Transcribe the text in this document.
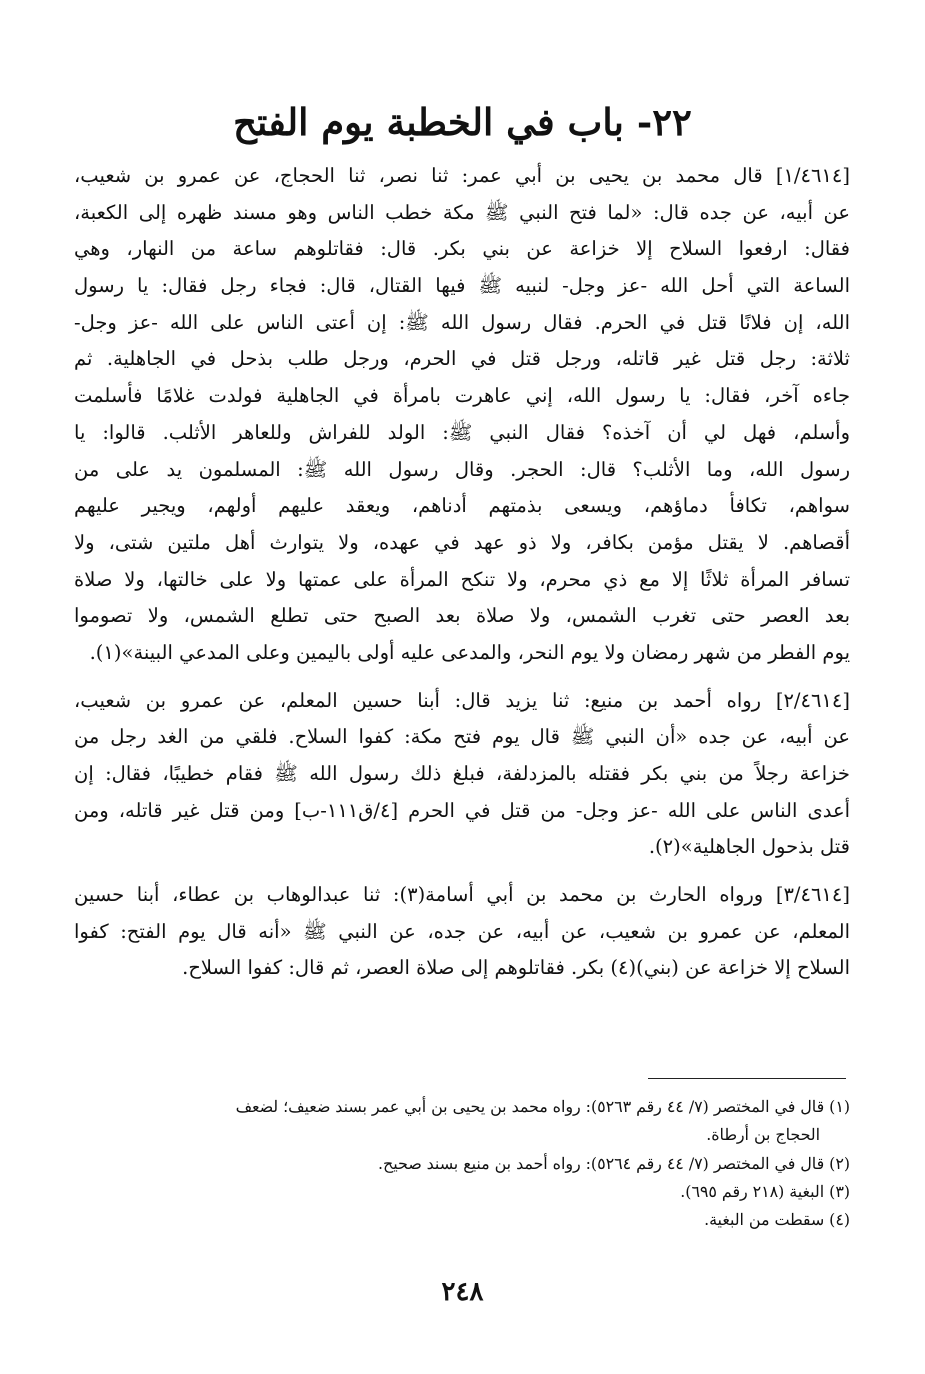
٢٢- باب في الخطبة يوم الفتح
[١/٤٦١٤] قال محمد بن يحيى بن أبي عمر: ثنا نصر، ثنا الحجاج، عن عمرو بن شعيب،
عن أبيه، عن جده قال: «لما فتح النبي ﷺ مكة خطب الناس وهو مسند ظهره إلى الكعبة،
فقال: ارفعوا السلاح إلا خزاعة عن بني بكر. قال: فقاتلوهم ساعة من النهار، وهي
الساعة التي أحل الله -عز وجل- لنبيه ﷺ فيها القتال، قال: فجاء رجل فقال: يا رسول
الله، إن فلانًا قتل في الحرم. فقال رسول الله ﷺ: إن أعتى الناس على الله -عز وجل-
ثلاثة: رجل قتل غير قاتله، ورجل قتل في الحرم، ورجل طلب بذحل في الجاهلية. ثم
جاءه آخر، فقال: يا رسول الله، إني عاهرت بامرأة في الجاهلية فولدت غلامًا فأسلمت
وأسلم، فهل لي أن آخذه؟ فقال النبي ﷺ: الولد للفراش وللعاهر الأثلب. قالوا: يا
رسول الله، وما الأثلب؟ قال: الحجر. وقال رسول الله ﷺ: المسلمون يد على من
سواهم، تكافأ دماؤهم، ويسعى بذمتهم أدناهم، ويعقد عليهم أولهم، ويجير عليهم
أقصاهم. لا يقتل مؤمن بكافر، ولا ذو عهد في عهده، ولا يتوارث أهل ملتين شتى، ولا
تسافر المرأة ثلاثًا إلا مع ذي محرم، ولا تنكح المرأة على عمتها ولا على خالتها، ولا صلاة
بعد العصر حتى تغرب الشمس، ولا صلاة بعد الصبح حتى تطلع الشمس، ولا تصوموا
يوم الفطر من شهر رمضان ولا يوم النحر، والمدعى عليه أولى باليمين وعلى المدعي البينة»(١).
[٢/٤٦١٤] رواه أحمد بن منيع: ثنا يزيد قال: أبنا حسين المعلم، عن عمرو بن شعيب،
عن أبيه، عن جده «أن النبي ﷺ قال يوم فتح مكة: كفوا السلاح. فلقي من الغد رجل من
خزاعة رجلاً من بني بكر فقتله بالمزدلفة، فبلغ ذلك رسول الله ﷺ فقام خطيبًا، فقال: إن
أعدى الناس على الله -عز وجل- من قتل في الحرم [٤/ق١١١-ب] ومن قتل غير قاتله، ومن
قتل بذحول الجاهلية»(٢).
[٣/٤٦١٤] ورواه الحارث بن محمد بن أبي أسامة(٣): ثنا عبدالوهاب بن عطاء، أبنا حسين
المعلم، عن عمرو بن شعيب، عن أبيه، عن جده، عن النبي ﷺ «أنه قال يوم الفتح: كفوا
السلاح إلا خزاعة عن (بني)(٤) بكر. فقاتلوهم إلى صلاة العصر، ثم قال: كفوا السلاح.
(١) قال في المختصر (٧/ ٤٤ رقم ٥٢٦٣): رواه محمد بن يحيى بن أبي عمر بسند ضعيف؛ لضعف
الحجاج بن أرطاة.
(٢) قال في المختصر (٧/ ٤٤ رقم ٥٢٦٤): رواه أحمد بن منيع بسند صحيح.
(٣) البغية (٢١٨ رقم ٦٩٥).
(٤) سقطت من البغية.
٢٤٨
